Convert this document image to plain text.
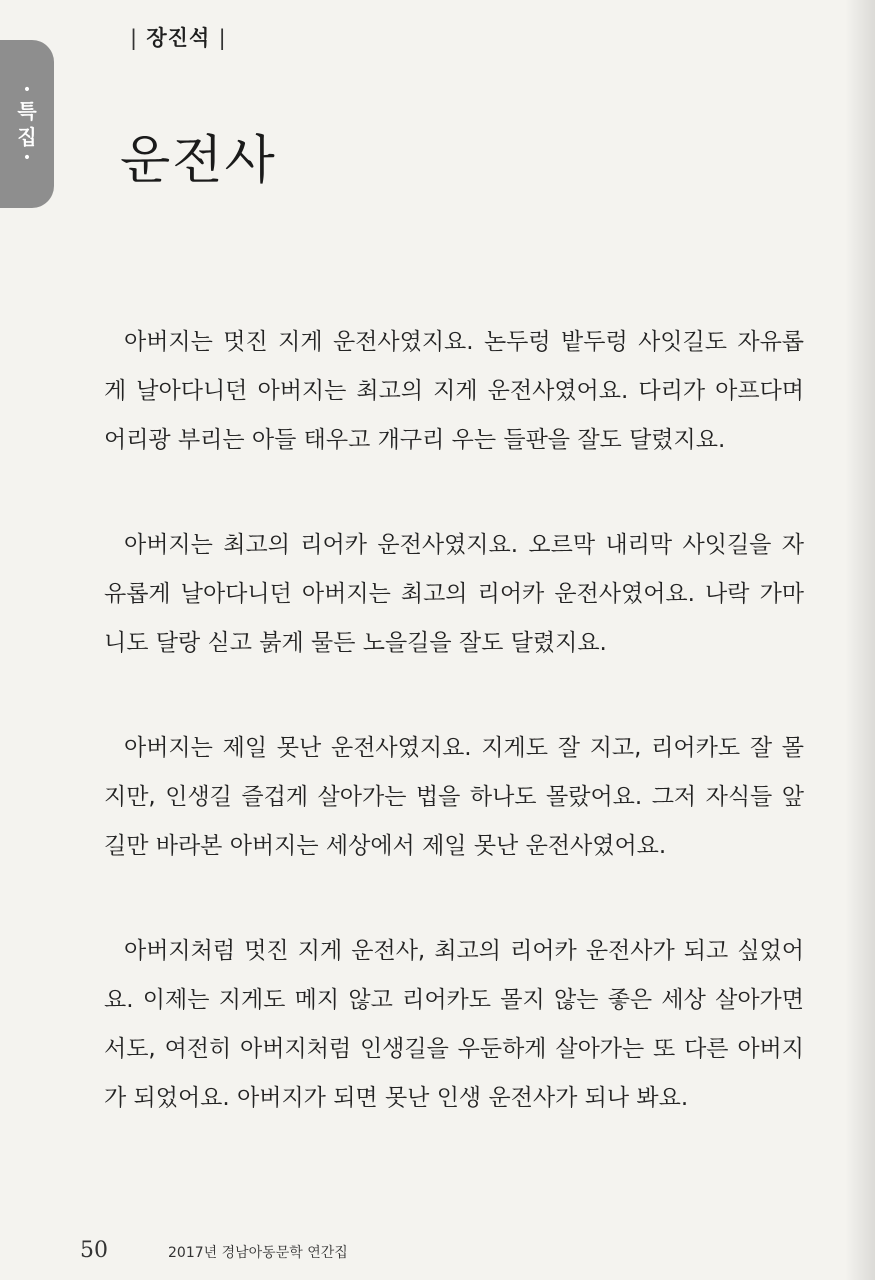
•
특
집
•
| 장진석 |
운전사

아버지는 멋진 지게 운전사였지요. 논두렁 밭두렁 사잇길도 자유롭게 날아다니던 아버지는 최고의 지게 운전사였어요. 다리가 아프다며 어리광 부리는 아들 태우고 개구리 우는 들판을 잘도 달렸지요.

아버지는 최고의 리어카 운전사였지요. 오르막 내리막 사잇길을 자유롭게 날아다니던 아버지는 최고의 리어카 운전사였어요. 나락 가마니도 달랑 싣고 붉게 물든 노을길을 잘도 달렸지요.

아버지는 제일 못난 운전사였지요. 지게도 잘 지고, 리어카도 잘 몰지만, 인생길 즐겁게 살아가는 법을 하나도 몰랐어요. 그저 자식들 앞길만 바라본 아버지는 세상에서 제일 못난 운전사였어요.

아버지처럼 멋진 지게 운전사, 최고의 리어카 운전사가 되고 싶었어요. 이제는 지게도 메지 않고 리어카도 몰지 않는 좋은 세상 살아가면서도, 여전히 아버지처럼 인생길을 우둔하게 살아가는 또 다른 아버지가 되었어요. 아버지가 되면 못난 인생 운전사가 되나 봐요.

50	2017년 경남아동문학 연간집
